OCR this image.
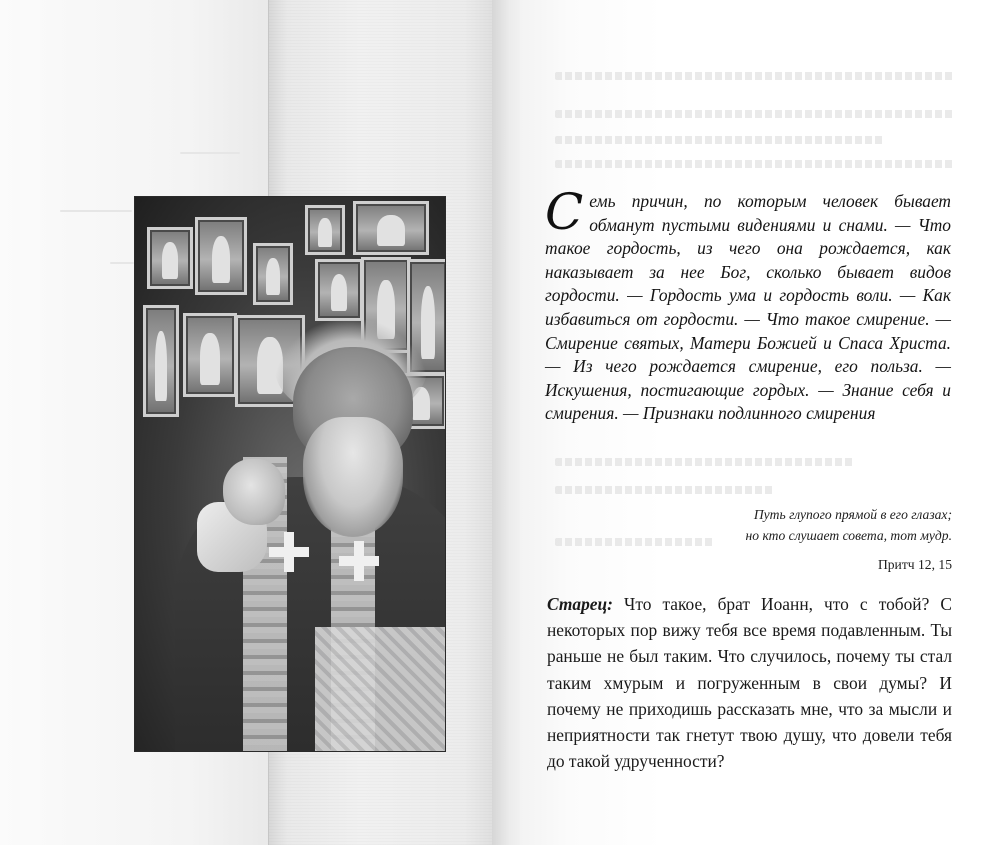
Семь причин, по которым человек бывает обманут пустыми видениями и снами. — Что такое гордость, из чего она рождается, как наказывает за нее Бог, сколько бывает видов гордости. — Гордость ума и гордость воли. — Как избавиться от гордости. — Что такое смирение. — Смирение святых, Матери Божией и Спаса Христа. — Из чего рождается смирение, его польза. — Искушения, постигающие гордых. — Знание себя и смирения. — Признаки подлинного смирения
Путь глупого прямой в его глазах;
но кто слушает совета, тот мудр.
Притч 12, 15
Старец: Что такое, брат Иоанн, что с тобой? С некоторых пор вижу тебя все время подавленным. Ты раньше не был таким. Что случилось, почему ты стал таким хмурым и погруженным в свои думы? И почему не приходишь рассказать мне, что за мысли и неприятности так гнетут твою душу, что довели тебя до такой удрученности?
